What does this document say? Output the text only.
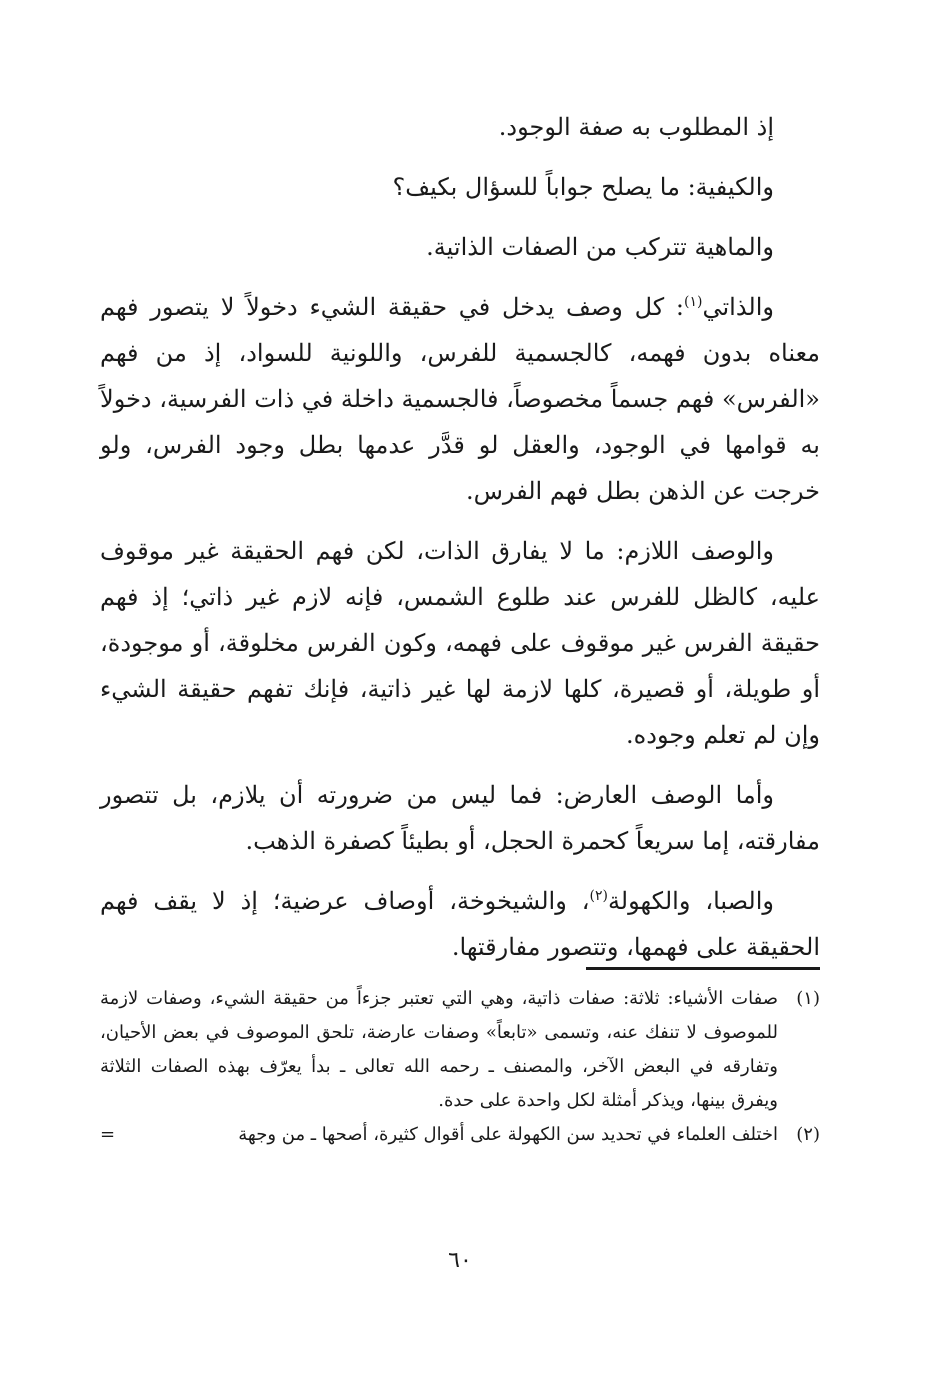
إذ المطلوب به صفة الوجود.

والكيفية: ما يصلح جواباً للسؤال بكيف؟

والماهية تتركب من الصفات الذاتية.

والذاتي$^{(١)}$: كل وصف يدخل في حقيقة الشيء دخولاً لا يتصور فهم معناه بدون فهمه، كالجسمية للفرس، واللونية للسواد، إذ من فهم «الفرس» فهم جسماً مخصوصاً، فالجسمية داخلة في ذات الفرسية، دخولاً به قوامها في الوجود، والعقل لو قدَّر عدمها بطل وجود الفرس، ولو خرجت عن الذهن بطل فهم الفرس.

والوصف اللازم: ما لا يفارق الذات، لكن فهم الحقيقة غير موقوف عليه، كالظل للفرس عند طلوع الشمس، فإنه لازم غير ذاتي؛ إذ فهم حقيقة الفرس غير موقوف على فهمه، وكون الفرس مخلوقة، أو موجودة، أو طويلة، أو قصيرة، كلها لازمة لها غير ذاتية، فإنك تفهم حقيقة الشيء وإن لم تعلم وجوده.

وأما الوصف العارض: فما ليس من ضرورته أن يلازم، بل تتصور مفارقته، إما سريعاً كحمرة الحجل، أو بطيئاً كصفرة الذهب.

والصبا، والكهولة$^{(٢)}$، والشيخوخة، أوصاف عرضية؛ إذ لا يقف فهم الحقيقة على فهمها، وتتصور مفارقتها.

(١)
صفات الأشياء: ثلاثة: صفات ذاتية، وهي التي تعتبر جزءاً من حقيقة الشيء، وصفات لازمة للموصوف لا تنفك عنه، وتسمى «تابعاً» وصفات عارضة، تلحق الموصوف في بعض الأحيان، وتفارقه في البعض الآخر، والمصنف ـ رحمه الله تعالى ـ بدأ يعرّف بهذه الصفات الثلاثة ويفرق بينها، ويذكر أمثلة لكل واحدة على حدة.

(٢)
اختلف العلماء في تحديد سن الكهولة على أقوال كثيرة، أصحها ـ من وجهة
=

٦٠
